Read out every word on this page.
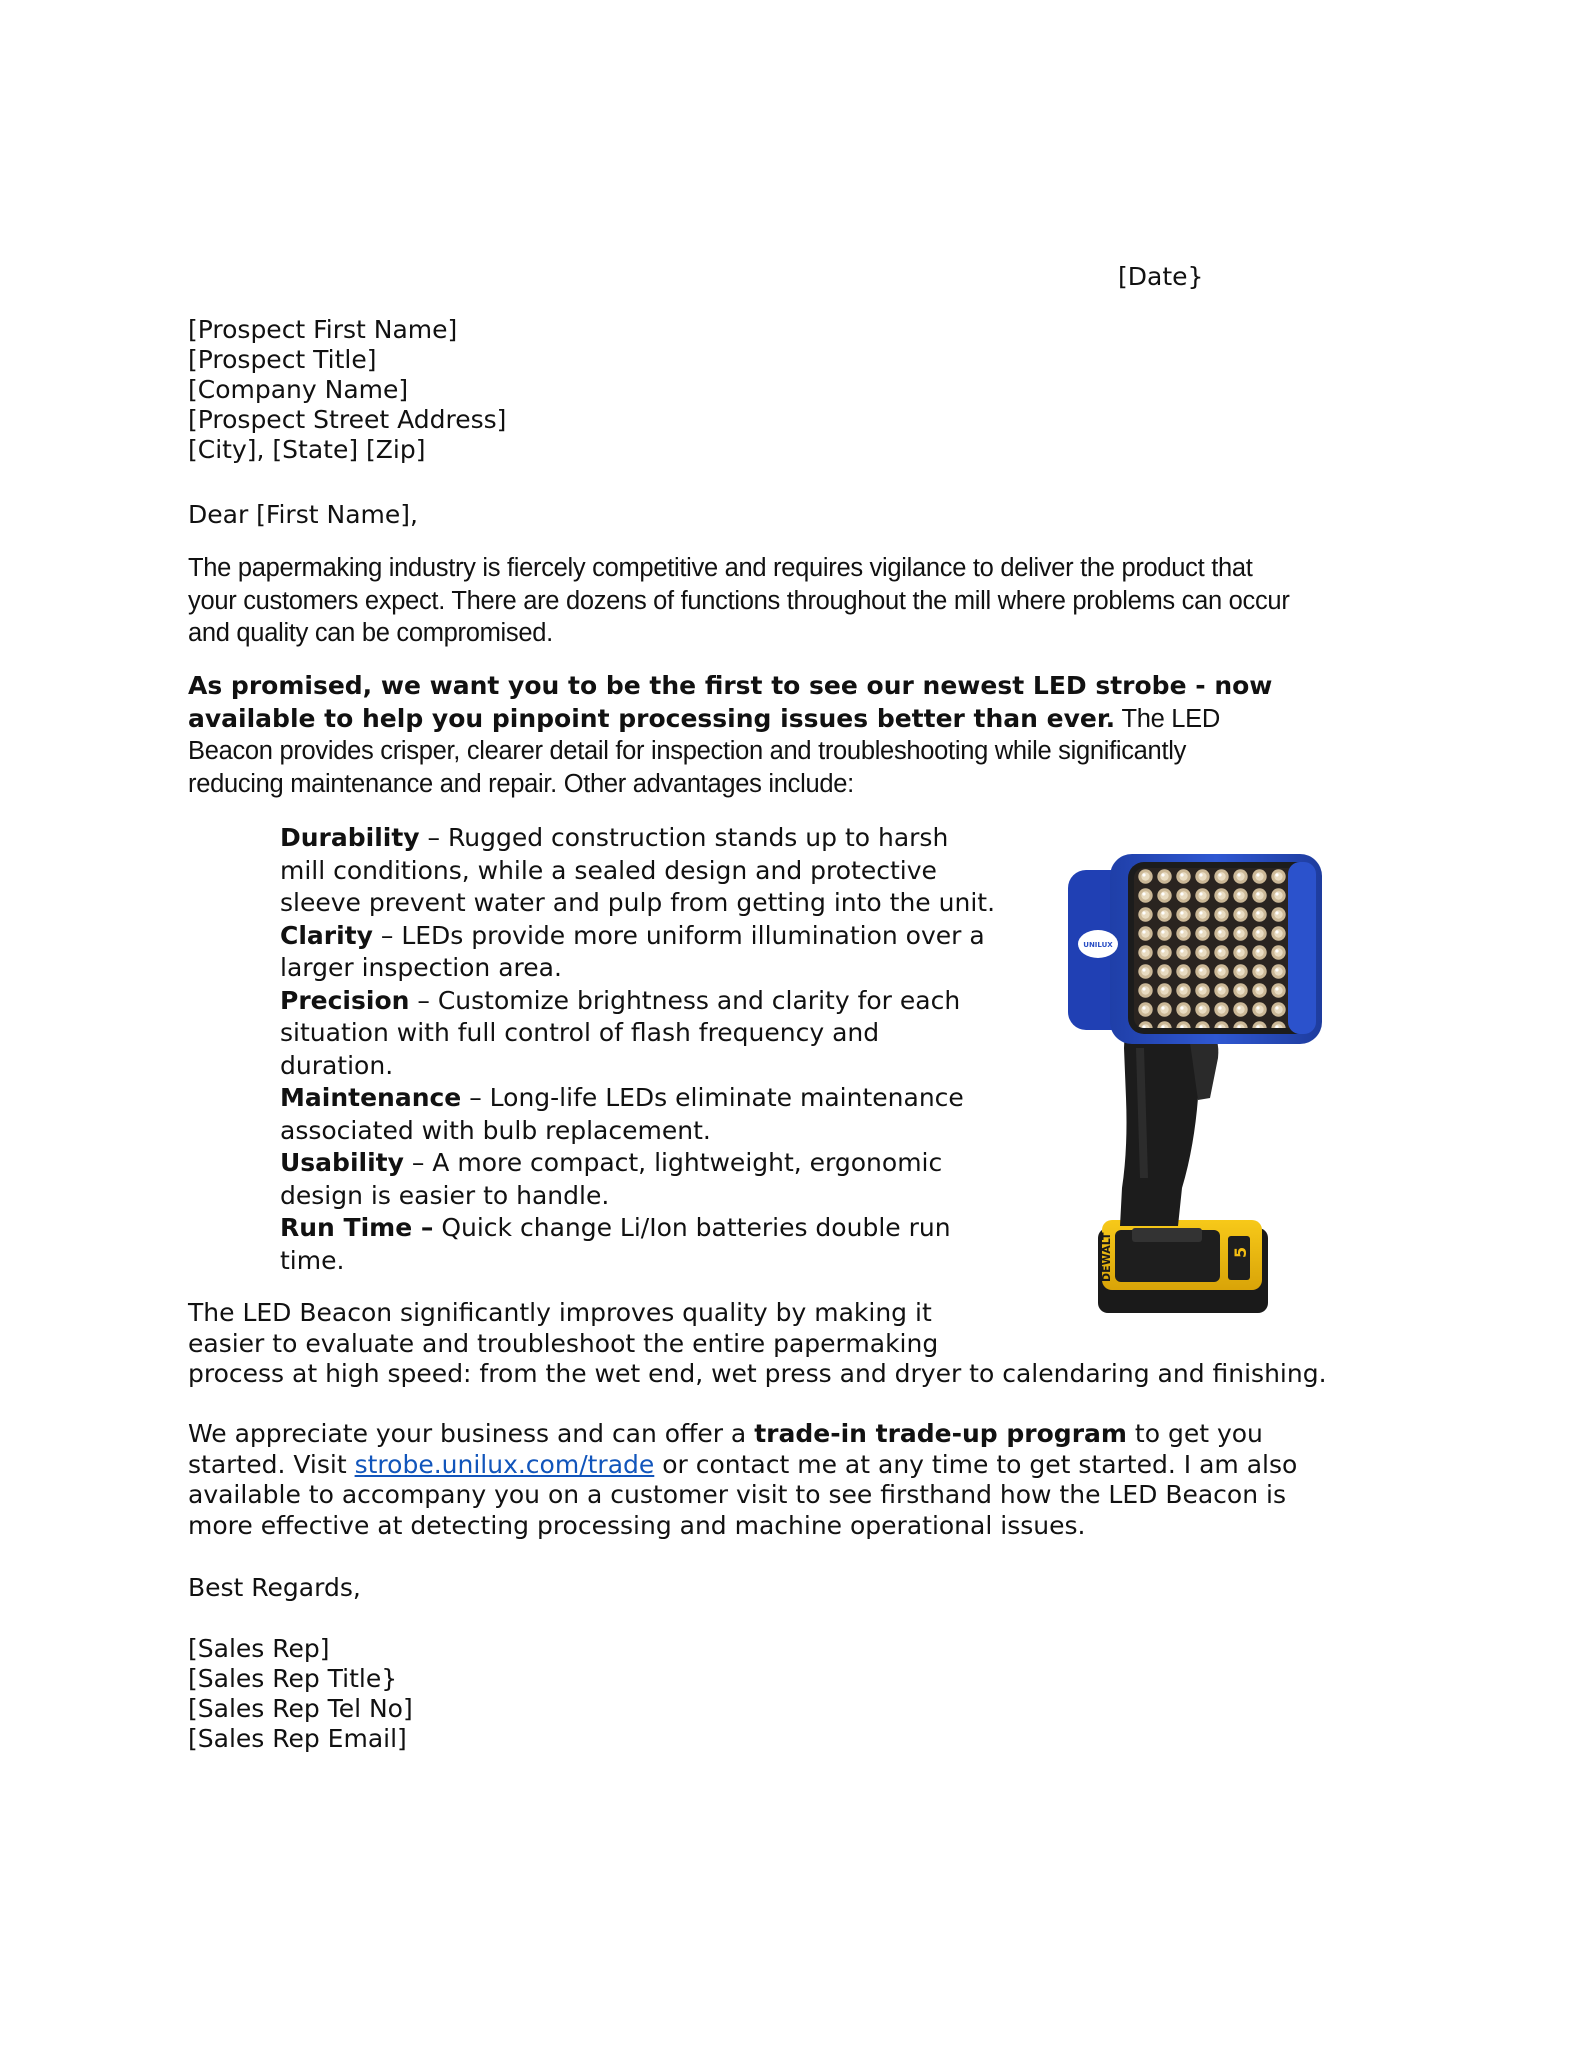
[Date}
[Prospect First Name]
[Prospect Title]
[Company Name]
[Prospect Street Address]
[City], [State] [Zip]
Dear [First Name],
The papermaking industry is fiercely competitive and requires vigilance to deliver the product that
your customers expect. There are dozens of functions throughout the mill where problems can occur
and quality can be compromised.
As promised, we want you to be the first to see our newest LED strobe - now
available to help you pinpoint processing issues better than ever. The LED
Beacon provides crisper, clearer detail for inspection and troubleshooting while significantly
reducing maintenance and repair. Other advantages include:
Durability – Rugged construction stands up to harsh
mill conditions, while a sealed design and protective
sleeve prevent water and pulp from getting into the unit.
Clarity – LEDs provide more uniform illumination over a
larger inspection area.
Precision – Customize brightness and clarity for each
situation with full control of flash frequency and
duration.
Maintenance – Long-life LEDs eliminate maintenance
associated with bulb replacement.
Usability – A more compact, lightweight, ergonomic
design is easier to handle.
Run Time – Quick change Li/Ion batteries double run
time.	DEWALT	5
UNILUX
The LED Beacon significantly improves quality by making it
easier to evaluate and troubleshoot the entire papermaking
process at high speed: from the wet end, wet press and dryer to calendaring and finishing.
We appreciate your business and can offer a trade-in trade-up program to get you
started. Visit strobe.unilux.com/trade or contact me at any time to get started. I am also
available to accompany you on a customer visit to see firsthand how the LED Beacon is
more effective at detecting processing and machine operational issues.
Best Regards,
[Sales Rep]
[Sales Rep Title}
[Sales Rep Tel No]
[Sales Rep Email]
